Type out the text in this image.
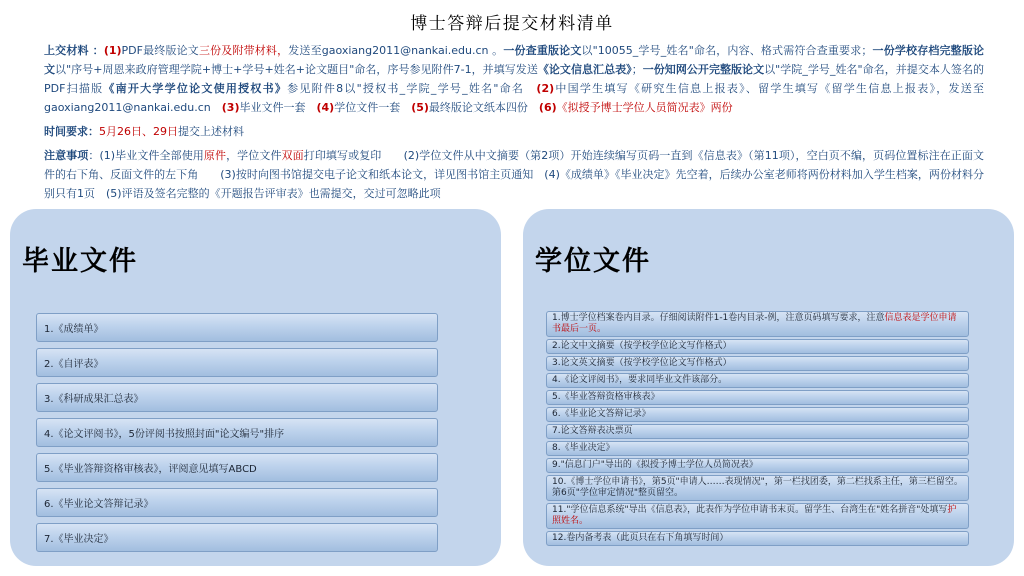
博士答辩后提交材料清单

上交材料 ：(1)PDF最终版论文三份及附带材料，发送至gaoxiang2011@nankai.edu.cn 。一份查重版论文以"10055_学号_姓名"命名，内容、格式需符合查重要求；一份学校存档完整版论文以"序号+周恩来政府管理学院+博士+学号+姓名+论文题目"命名，序号参见附件7-1，并填写发送《论文信息汇总表》；一份知网公开完整版论文以"学院_学号_姓名"命名，并提交本人签名的PDF扫描版《南开大学学位论文使用授权书》参见附件8以"授权书_学院_学号_姓名"命名　(2)中国学生填写《研究生信息上报表》、留学生填写《留学生信息上报表》，发送至gaoxiang2011@nankai.edu.cn　(3)毕业文件一套　(4)学位文件一套　(5)最终版论文纸本四份　(6)《拟授予博士学位人员简况表》两份

时间要求：5月26日、29日提交上述材料

注意事项：(1)毕业文件全部使用原件，学位文件双面打印填写或复印　　(2)学位文件从中文摘要（第2项）开始连续编写页码一直到《信息表》（第11项），空白页不编，页码位置标注在正面文件的右下角、反面文件的左下角　　(3)按时向图书馆提交电子论文和纸本论文，详见图书馆主页通知　(4)《成绩单》《毕业决定》先空着，后续办公室老师将两份材料加入学生档案，两份材料分别只有1页　(5)评语及签名完整的《开题报告评审表》也需提交，交过可忽略此项

毕业文件
1.《成绩单》
2.《自评表》
3.《科研成果汇总表》
4.《论文评阅书》，5份评阅书按照封面"论文编号"排序
5.《毕业答辩资格审核表》，评阅意见填写ABCD
6.《毕业论文答辩记录》
7.《毕业决定》
学位文件
1.博士学位档案卷内目录。仔细阅读附件1-1卷内目录-例，注意页码填写要求，注意信息表是学位申请书最后一页。
2.论文中文摘要（按学校学位论文写作格式）
3.论文英文摘要（按学校学位论文写作格式）
4.《论文评阅书》，要求同毕业文件该部分。
5.《毕业答辩资格审核表》
6.《毕业论文答辩记录》
7.论文答辩表决票页
8.《毕业决定》
9."信息门户"导出的《拟授予博士学位人员简况表》
10.《博士学位申请书》，第5页"申请人……表现情况"，第一栏找团委，第二栏找系主任，第三栏留空。第6页"学位审定情况"整页留空。
11."学位信息系统"导出《信息表》，此表作为学位申请书末页。留学生、台湾生在"姓名拼音"处填写护照姓名。
12.卷内备考表（此页只在右下角填写时间）
